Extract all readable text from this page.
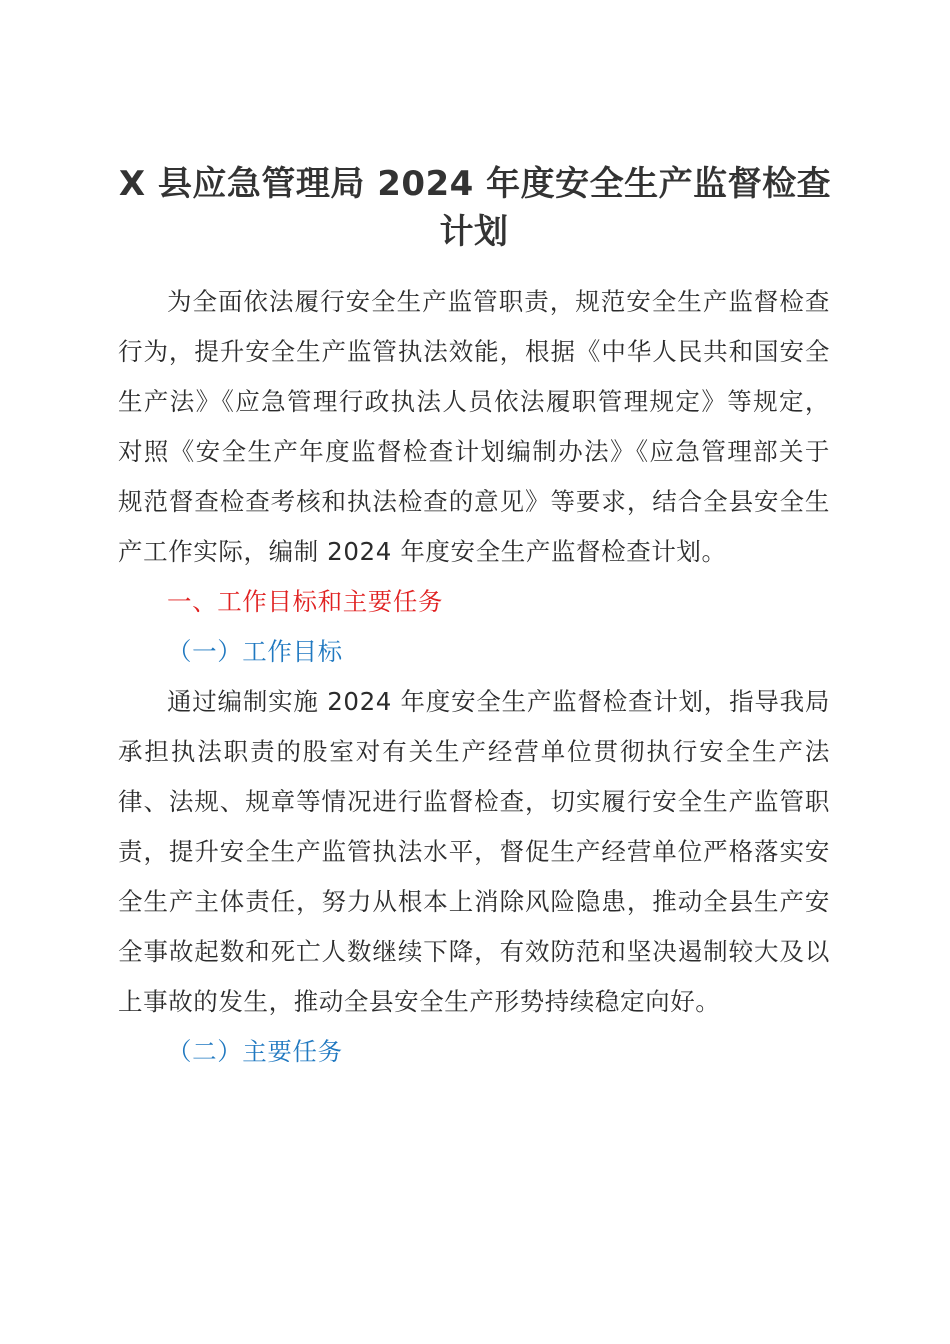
X 县应急管理局 2024 年度安全生产监督检查
计划

为全面依法履行安全生产监管职责，规范安全生产监督检查行为，提升安全生产监管执法效能，根据《中华人民共和国安全生产法》《应急管理行政执法人员依法履职管理规定》等规定，对照《安全生产年度监督检查计划编制办法》《应急管理部关于规范督查检查考核和执法检查的意见》等要求，结合全县安全生产工作实际，编制 2024 年度安全生产监督检查计划。

一、工作目标和主要任务

（一）工作目标

通过编制实施 2024 年度安全生产监督检查计划，指导我局承担执法职责的股室对有关生产经营单位贯彻执行安全生产法律、法规、规章等情况进行监督检查，切实履行安全生产监管职责，提升安全生产监管执法水平，督促生产经营单位严格落实安全生产主体责任，努力从根本上消除风险隐患，推动全县生产安全事故起数和死亡人数继续下降，有效防范和坚决遏制较大及以上事故的发生，推动全县安全生产形势持续稳定向好。

（二）主要任务
